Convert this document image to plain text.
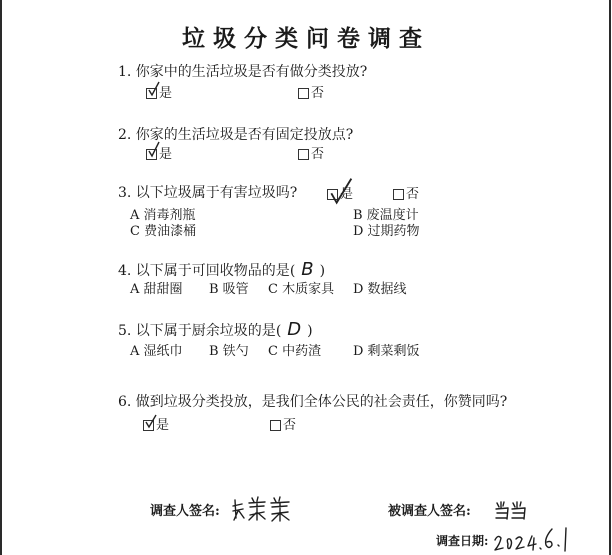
垃圾分类问卷调查
1. 你家中的生活垃圾是否有做分类投放?
是	否
2. 你家的生活垃圾是否有固定投放点?
是	否
3. 以下垃圾属于有害垃圾吗?	是	否
A 消毒剂瓶	B 废温度计
C 费油漆桶	D 过期药物
4. 以下属于可回收物品的是( B )
A 甜甜圈 B 吸管 C 木质家具 D 数据线
5. 以下属于厨余垃圾的是( D )
A 湿纸巾 B 铁勺 C 中药渣 D 剩菜剩饭
6. 做到垃圾分类投放，是我们全体公民的社会责任，你赞同吗?
是	否
调查人签名:	被调查人签名:
调查日期:
